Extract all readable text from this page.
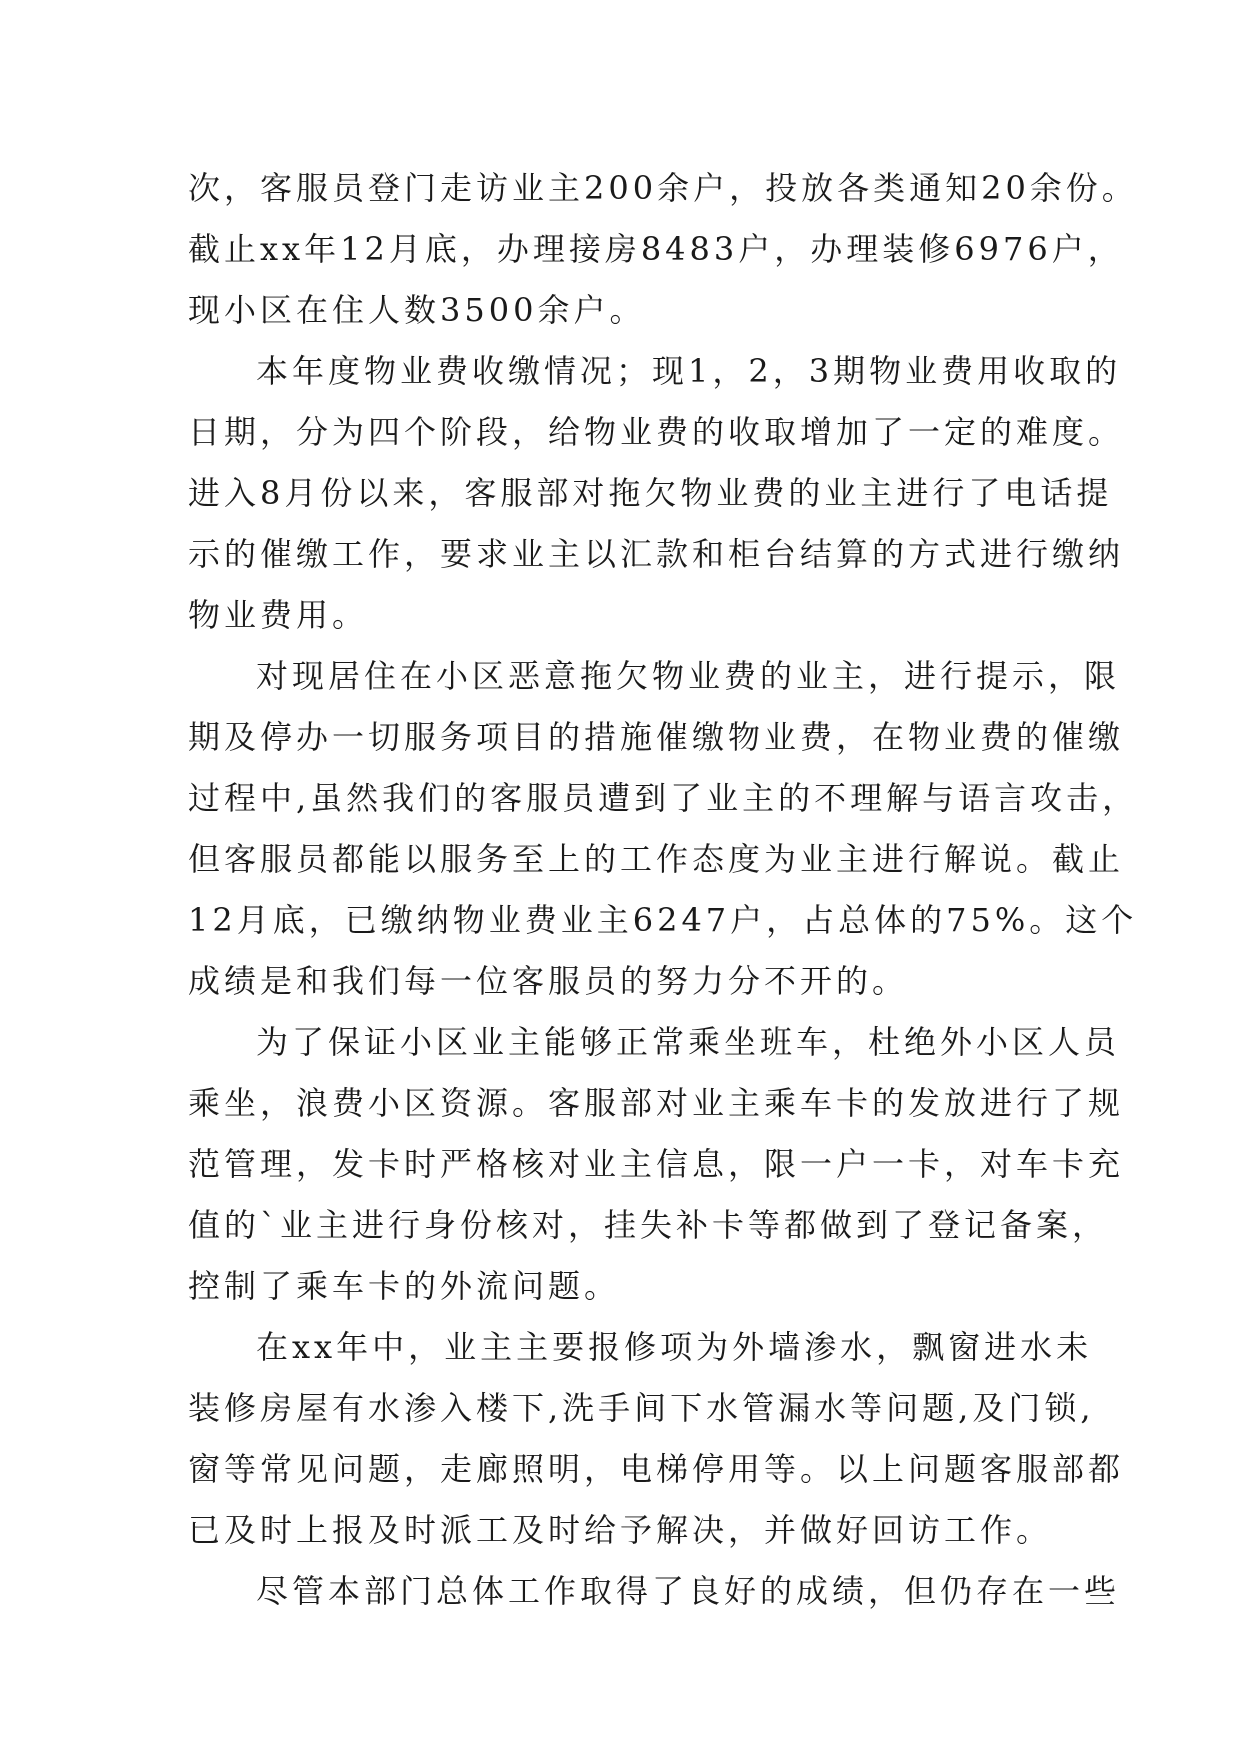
次，客服员登门走访业主200余户，投放各类通知20余份。
截止xx年12月底，办理接房8483户，办理装修6976户，
现小区在住人数3500余户。
本年度物业费收缴情况；现1，2，3期物业费用收取的
日期，分为四个阶段，给物业费的收取增加了一定的难度。
进入8月份以来，客服部对拖欠物业费的业主进行了电话提
示的催缴工作，要求业主以汇款和柜台结算的方式进行缴纳
物业费用。
对现居住在小区恶意拖欠物业费的业主，进行提示，限
期及停办一切服务项目的措施催缴物业费，在物业费的催缴
过程中,虽然我们的客服员遭到了业主的不理解与语言攻击，
但客服员都能以服务至上的工作态度为业主进行解说。截止
12月底，已缴纳物业费业主6247户，占总体的75%。这个
成绩是和我们每一位客服员的努力分不开的。
为了保证小区业主能够正常乘坐班车，杜绝外小区人员
乘坐，浪费小区资源。客服部对业主乘车卡的发放进行了规
范管理，发卡时严格核对业主信息，限一户一卡，对车卡充
值的`业主进行身份核对，挂失补卡等都做到了登记备案，
控制了乘车卡的外流问题。
在xx年中，业主主要报修项为外墙渗水，飘窗进水未
装修房屋有水渗入楼下,洗手间下水管漏水等问题,及门锁,
窗等常见问题，走廊照明，电梯停用等。以上问题客服部都
已及时上报及时派工及时给予解决，并做好回访工作。
尽管本部门总体工作取得了良好的成绩，但仍存在一些
